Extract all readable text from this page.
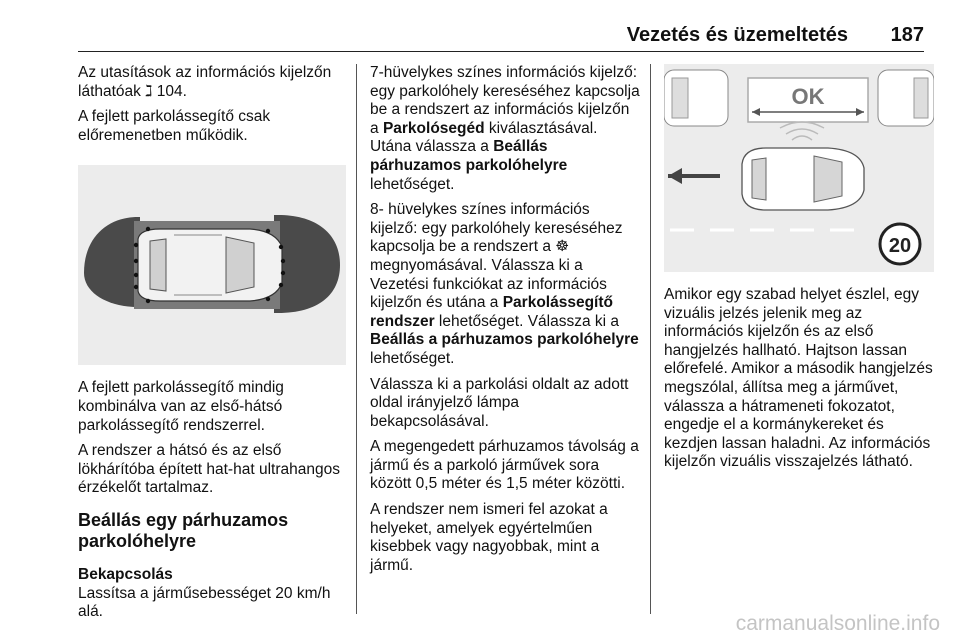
Vezetés és üzemeltetés 187

Az utasítások az információs kijelzőn láthatóak ℷ 104.

A fejlett parkolássegítő csak előremenetben működik.

A fejlett parkolássegítő mindig kombinálva van az első-hátsó parkolássegítő rendszerrel.

A rendszer a hátsó és az első lökhárítóba épített hat-hat ultrahangos érzékelőt tartalmaz.

Beállás egy párhuzamos parkolóhelyre
Bekapcsolás

Lassítsa a járműsebességet 20 km/h alá.

7-hüvelykes színes információs kijelző: egy parkolóhely kereséséhez kapcsolja be a rendszert az információs kijelzőn a Parkolósegéd kiválasztásával. Utána válassza a Beállás párhuzamos parkolóhelyre lehetőséget.

8- hüvelykes színes információs kijelző: egy parkolóhely kereséséhez kapcsolja be a rendszert a ☸ megnyomásával. Válassza ki a Vezetési funkciókat az információs kijelzőn és utána a Parkolássegítő rendszer lehetőséget. Válassza ki a Beállás a párhuzamos parkolóhelyre lehetőséget.

Válassza ki a parkolási oldalt az adott oldal irányjelző lámpa bekapcsolásával.

A megengedett párhuzamos távolság a jármű és a parkoló járművek sora között 0,5 méter és 1,5 méter közötti.

A rendszer nem ismeri fel azokat a helyeket, amelyek egyértelműen kisebbek vagy nagyobbak, mint a jármű.

OK
20

Amikor egy szabad helyet észlel, egy vizuális jelzés jelenik meg az információs kijelzőn és az első hangjelzés hallható. Hajtson lassan előrefelé. Amikor a második hangjelzés megszólal, állítsa meg a járművet, válassza a hátrameneti fokozatot, engedje el a kormánykereket és kezdjen lassan haladni. Az információs kijelzőn vizuális visszajelzés látható.

carmanualsonline.info
